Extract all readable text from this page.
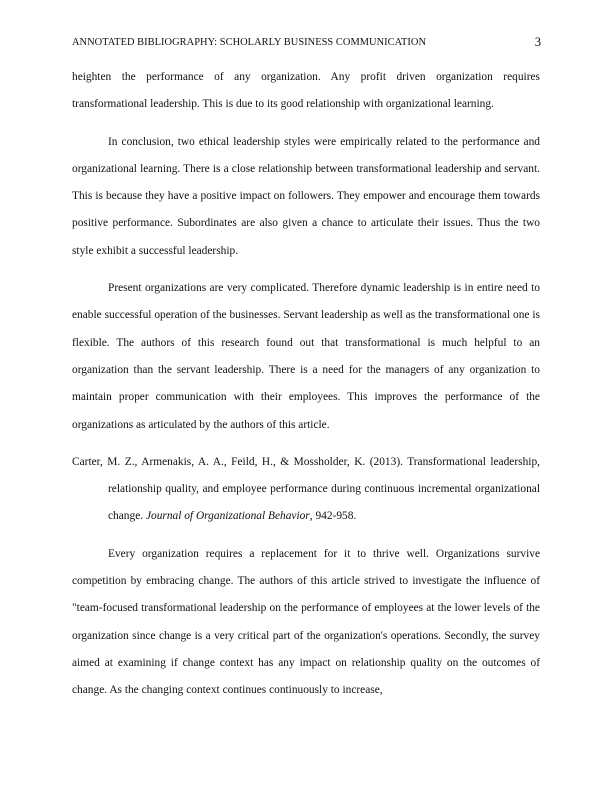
ANNOTATED BIBLIOGRAPHY: SCHOLARLY BUSINESS COMMUNICATION	3

heighten the performance of any organization. Any profit driven organization requires transformational leadership. This is due to its good relationship with organizational learning.

In conclusion, two ethical leadership styles were empirically related to the performance and organizational learning. There is a close relationship between transformational leadership and servant. This is because they have a positive impact on followers. They empower and encourage them towards positive performance. Subordinates are also given a chance to articulate their issues. Thus the two style exhibit a successful leadership.

Present organizations are very complicated. Therefore dynamic leadership is in entire need to enable successful operation of the businesses. Servant leadership as well as the transformational one is flexible. The authors of this research found out that transformational is much helpful to an organization than the servant leadership. There is a need for the managers of any organization to maintain proper communication with their employees. This improves the performance of the organizations as articulated by the authors of this article.

Carter, M. Z., Armenakis, A. A., Feild, H., & Mossholder, K. (2013). Transformational leadership, relationship quality, and employee performance during continuous incremental organizational change. Journal of Organizational Behavior, 942-958.

Every organization requires a replacement for it to thrive well. Organizations survive competition by embracing change. The authors of this article strived to investigate the influence of "team-focused transformational leadership on the performance of employees at the lower levels of the organization since change is a very critical part of the organization's operations. Secondly, the survey aimed at examining if change context has any impact on relationship quality on the outcomes of change. As the changing context continues continuously to increase,
